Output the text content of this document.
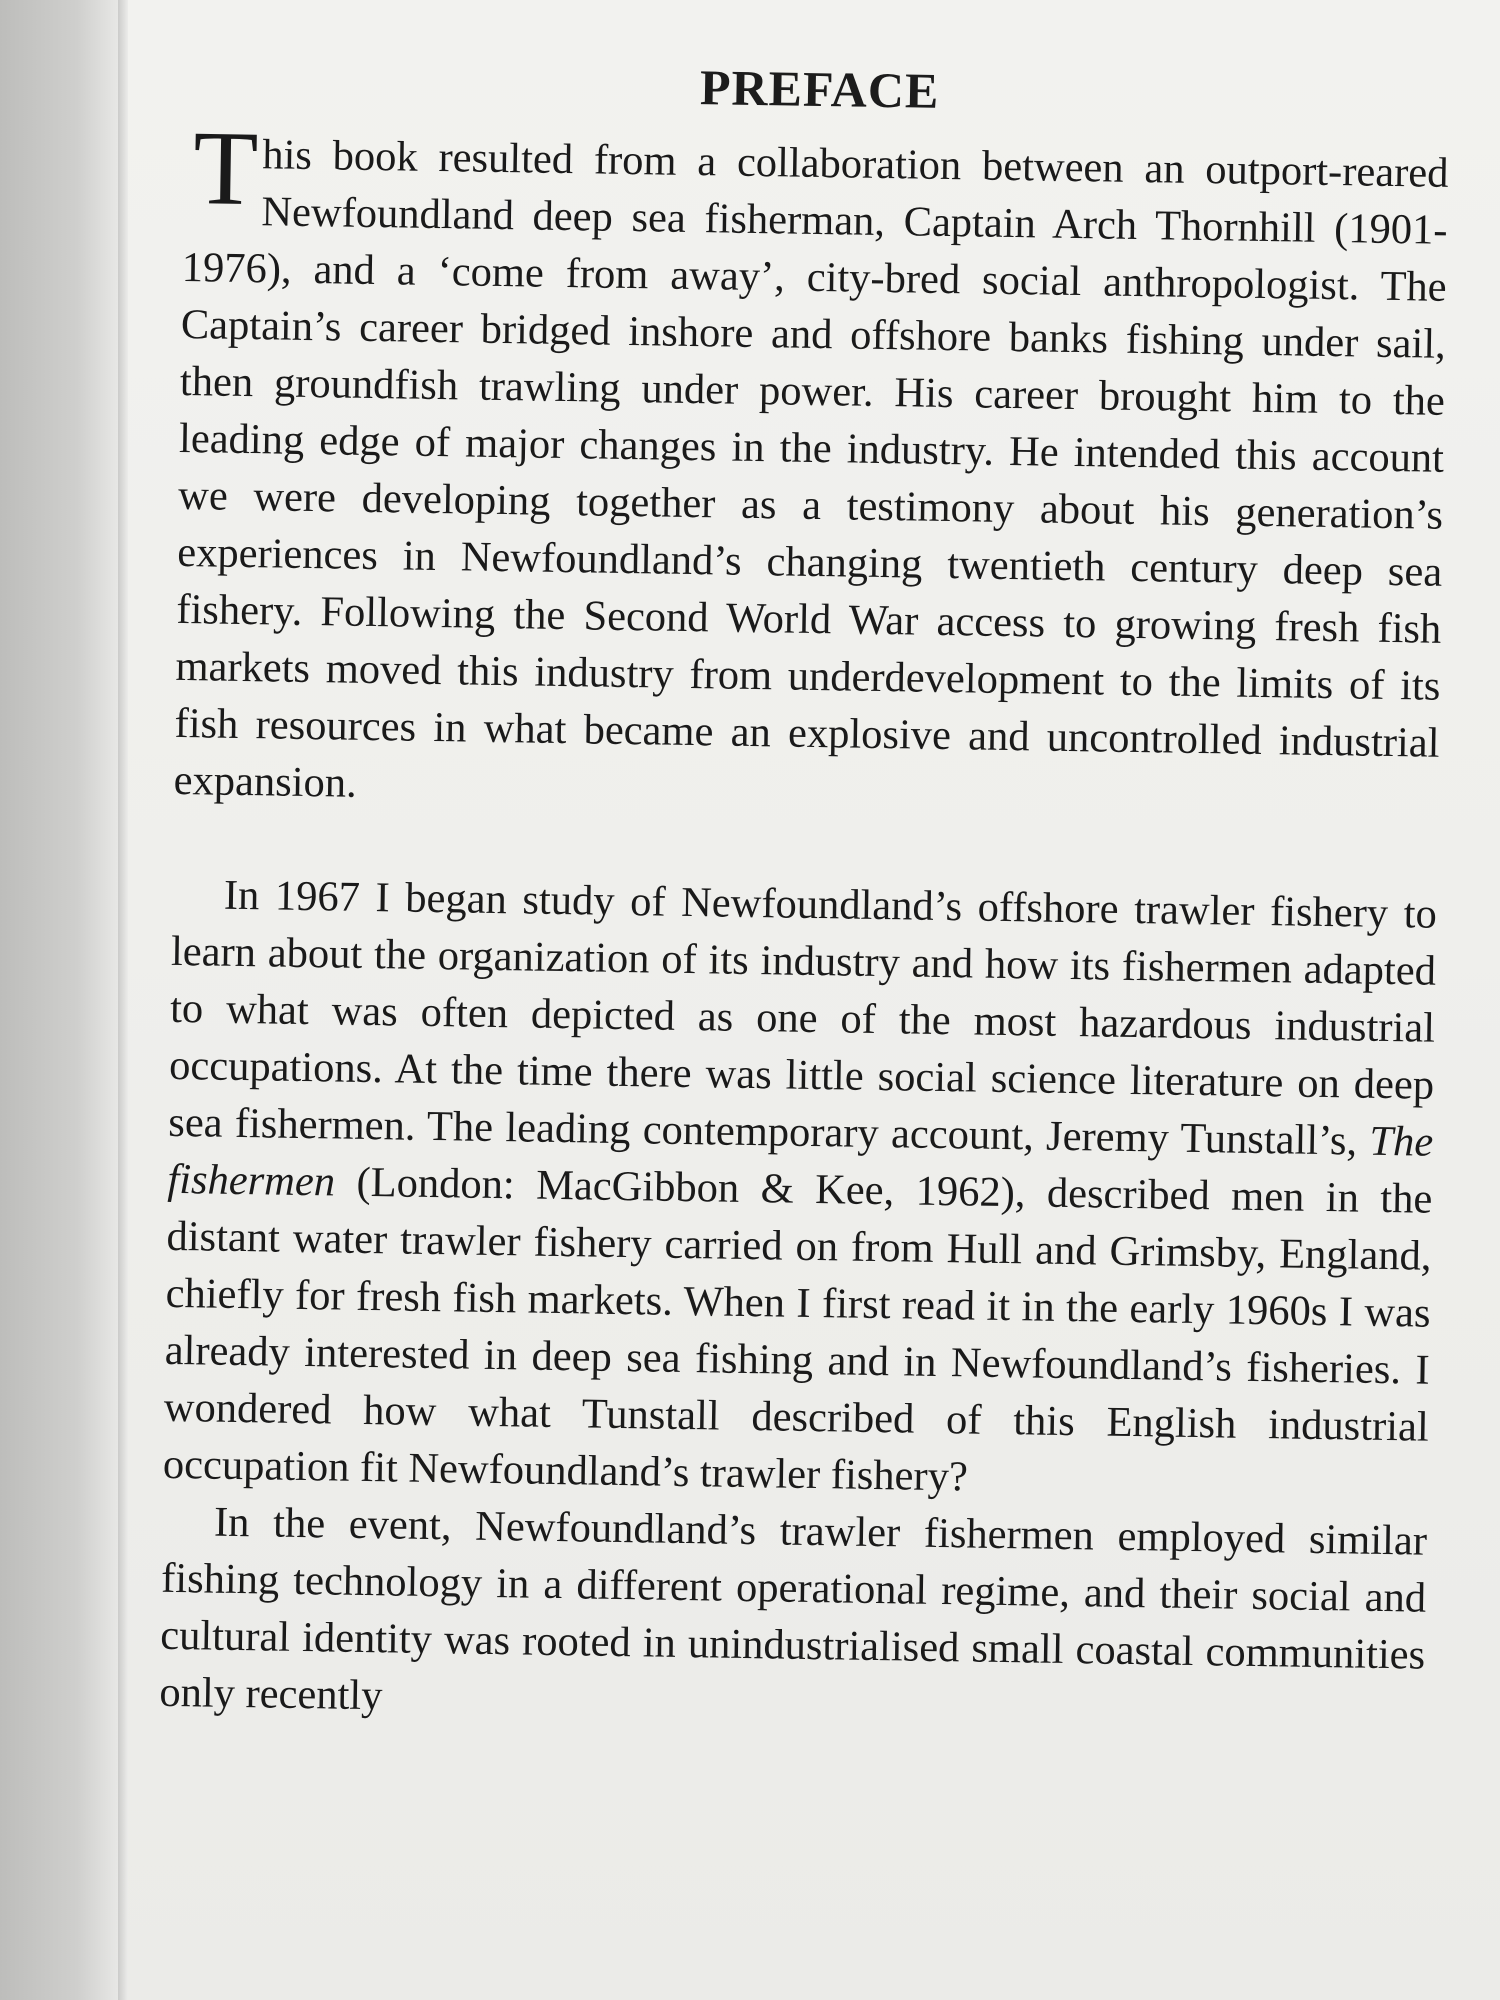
PREFACE

This book resulted from a collaboration between an outport-reared Newfoundland deep sea fisherman, Captain Arch Thornhill (1901-1976), and a ‘come from away’, city-bred social anthropologist. The Captain’s career bridged inshore and offshore banks fishing under sail, then groundfish trawling under power. His career brought him to the leading edge of major changes in the industry. He intended this account we were developing together as a testimony about his generation’s experiences in Newfoundland’s changing twentieth century deep sea fishery. Following the Second World War access to growing fresh fish markets moved this industry from underdevelopment to the limits of its fish resources in what became an explosive and uncontrolled industrial expansion.

In 1967 I began study of Newfoundland’s offshore trawler fishery to learn about the organization of its industry and how its fishermen adapted to what was often depicted as one of the most hazardous industrial occupations. At the time there was little social science literature on deep sea fishermen. The leading contemporary account, Jeremy Tunstall’s, The fishermen (London: MacGibbon & Kee, 1962), described men in the distant water trawler fishery carried on from Hull and Grimsby, England, chiefly for fresh fish markets. When I first read it in the early 1960s I was already interested in deep sea fishing and in Newfoundland’s fisheries. I wondered how what Tunstall described of this English industrial occupation fit Newfoundland’s trawler fishery?

In the event, Newfoundland’s trawler fishermen employed similar fishing technology in a different operational regime, and their social and cultural identity was rooted in unindustrialised small coastal communities only recently
